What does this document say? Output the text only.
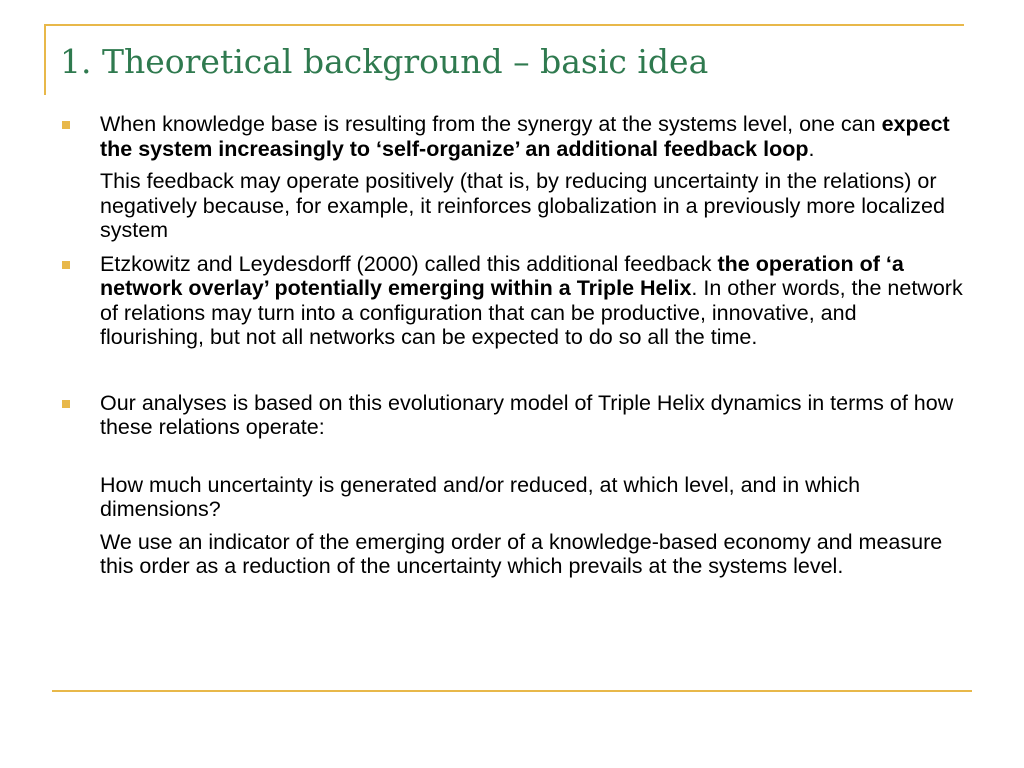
1. Theoretical background – basic idea

When knowledge base is resulting from the synergy at the systems level, one can expect the system increasingly to ‘self-organize’ an additional feedback loop.

This feedback may operate positively (that is, by reducing uncertainty in the relations) or negatively because, for example, it reinforces globalization in a previously more localized system

Etzkowitz and Leydesdorff (2000) called this additional feedback the operation of ‘a network overlay’ potentially emerging within a Triple Helix. In other words, the network of relations may turn into a configuration that can be productive, innovative, and flourishing, but not all networks can be expected to do so all the time.

Our analyses is based on this evolutionary model of Triple Helix dynamics in terms of how these relations operate:

How much uncertainty is generated and/or reduced, at which level, and in which dimensions?

We use an indicator of the emerging order of a knowledge-based economy and measure this order as a reduction of the uncertainty which prevails at the systems level.
